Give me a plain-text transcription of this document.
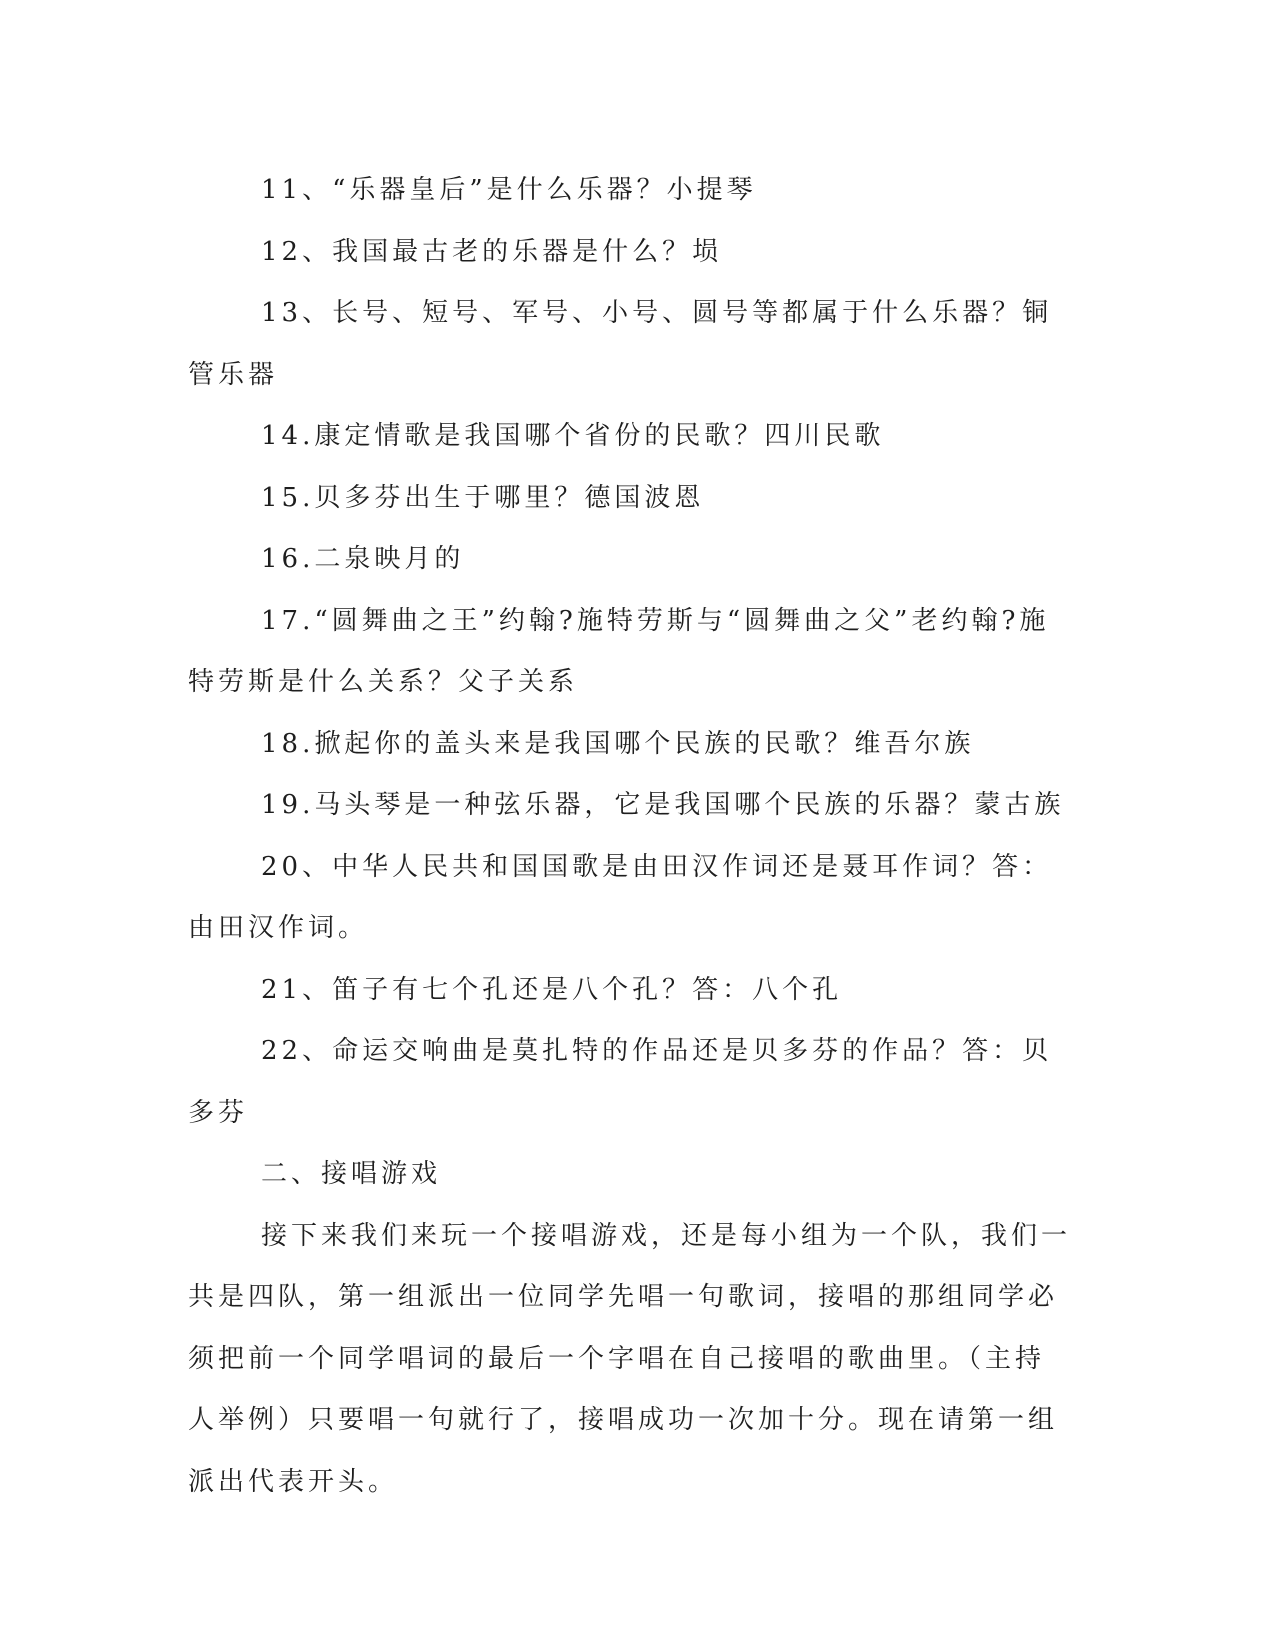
11、“乐器皇后”是什么乐器？小提琴

12、我国最古老的乐器是什么？埙

13、长号、短号、军号、小号、圆号等都属于什么乐器？铜管乐器

14.康定情歌是我国哪个省份的民歌？四川民歌

15.贝多芬出生于哪里？德国波恩

16.二泉映月的

17.“圆舞曲之王”约翰?施特劳斯与“圆舞曲之父”老约翰?施特劳斯是什么关系？父子关系

18.掀起你的盖头来是我国哪个民族的民歌？维吾尔族

19.马头琴是一种弦乐器，它是我国哪个民族的乐器？蒙古族

20、中华人民共和国国歌是由田汉作词还是聂耳作词？答：由田汉作词。

21、笛子有七个孔还是八个孔？答：八个孔

22、命运交响曲是莫扎特的作品还是贝多芬的作品？答：贝多芬

二、接唱游戏

接下来我们来玩一个接唱游戏，还是每小组为一个队，我们一共是四队，第一组派出一位同学先唱一句歌词，接唱的那组同学必须把前一个同学唱词的最后一个字唱在自己接唱的歌曲里。（主持人举例）只要唱一句就行了，接唱成功一次加十分。现在请第一组派出代表开头。
